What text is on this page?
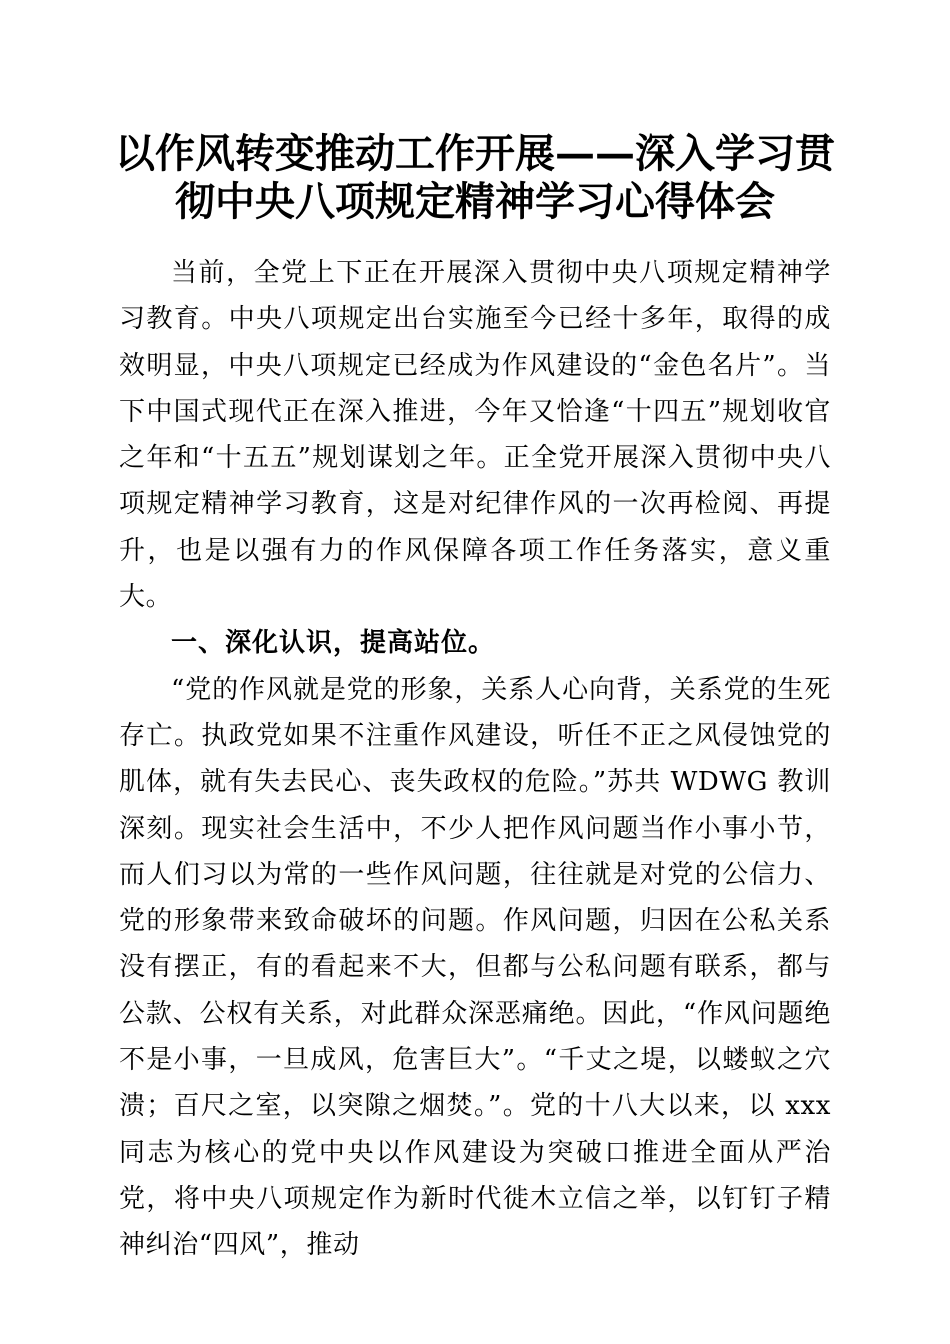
以作风转变推动工作开展——深入学习贯彻中央八项规定精神学习心得体会

当前，全党上下正在开展深入贯彻中央八项规定精神学习教育。中央八项规定出台实施至今已经十多年，取得的成效明显，中央八项规定已经成为作风建设的“金色名片”。当下中国式现代正在深入推进，今年又恰逢“十四五”规划收官之年和“十五五”规划谋划之年。正全党开展深入贯彻中央八项规定精神学习教育，这是对纪律作风的一次再检阅、再提升，也是以强有力的作风保障各项工作任务落实，意义重大。

一、深化认识，提高站位。

“党的作风就是党的形象，关系人心向背，关系党的生死存亡。执政党如果不注重作风建设，听任不正之风侵蚀党的肌体，就有失去民心、丧失政权的危险。”苏共 WDWG 教训深刻。现实社会生活中，不少人把作风问题当作小事小节，而人们习以为常的一些作风问题，往往就是对党的公信力、党的形象带来致命破坏的问题。作风问题，归因在公私关系没有摆正，有的看起来不大，但都与公私问题有联系，都与公款、公权有关系，对此群众深恶痛绝。因此，“作风问题绝不是小事，一旦成风，危害巨大”。“千丈之堤，以蝼蚁之穴溃；百尺之室，以突隙之烟焚。”。党的十八大以来，以 xxx 同志为核心的党中央以作风建设为突破口推进全面从严治党，将中央八项规定作为新时代徙木立信之举，以钉钉子精神纠治“四风”，推动
